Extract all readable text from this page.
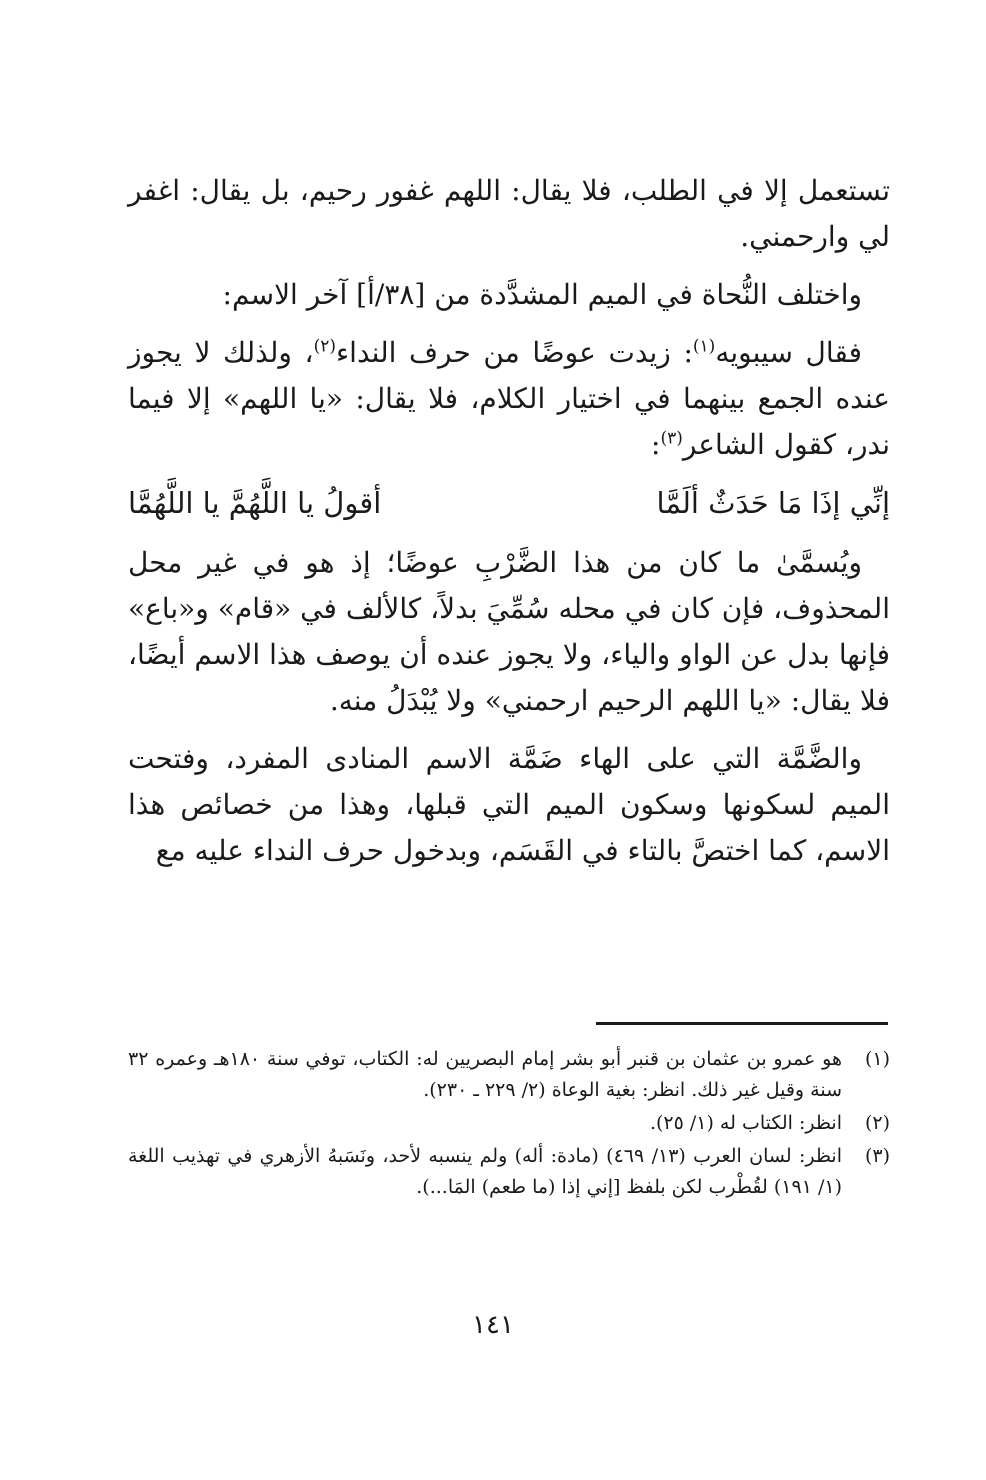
تستعمل إلا في الطلب، فلا يقال: اللهم غفور رحيم، بل يقال: اغفر لي وارحمني.

واختلف النُّحاة في الميم المشدَّدة من [٣٨/أ] آخر الاسم:

فقال سيبويه$^{(١)}$: زيدت عوضًا من حرف النداء$^{(٢)}$، ولذلك لا يجوز عنده الجمع بينهما في اختيار الكلام، فلا يقال: «يا اللهم» إلا فيما ندر، كقول الشاعر$^{(٣)}$:

إنِّي إذَا مَا حَدَثٌ ألَمَّا
أقولُ يا اللَّهُمَّ يا اللَّهُمَّا

ويُسمَّىٰ ما كان من هذا الضَّرْبِ عوضًا؛ إذ هو في غير محل المحذوف، فإن كان في محله سُمِّيَ بدلاً، كالألف في «قام» و«باع» فإنها بدل عن الواو والياء، ولا يجوز عنده أن يوصف هذا الاسم أيضًا، فلا يقال: «يا اللهم الرحيم ارحمني» ولا يُبْدَلُ منه.

والضَّمَّة التي على الهاء ضَمَّة الاسم المنادى المفرد، وفتحت الميم لسكونها وسكون الميم التي قبلها، وهذا من خصائص هذا الاسم، كما اختصَّ بالتاء في القَسَم، وبدخول حرف النداء عليه مع

(١)
هو عمرو بن عثمان بن قنبر أبو بشر إمام البصريين له: الكتاب، توفي سنة ١٨٠هـ وعمره ٣٢ سنة وقيل غير ذلك. انظر: بغية الوعاة (٢/ ٢٢٩ ـ ٢٣٠).
(٢)
انظر: الكتاب له (١/ ٢٥).
(٣)
انظر: لسان العرب (١٣/ ٤٦٩) (مادة: أله) ولم ينسبه لأحد، ونَسَبهُ الأزهري في تهذيب اللغة (١/ ١٩١) لقُطْرب لكن بلفظ [إني إذا (ما طعم) المَا...).
١٤١
